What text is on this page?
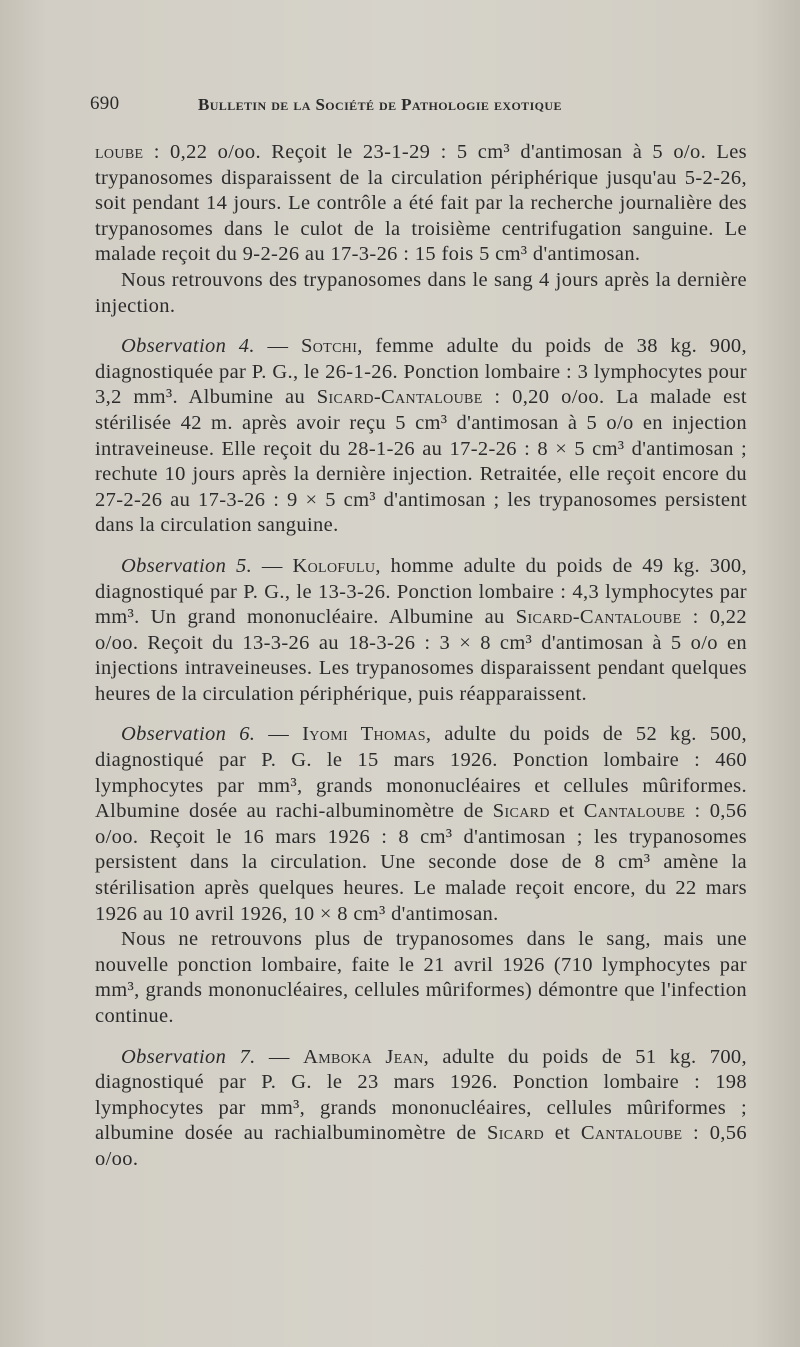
690	Bulletin de la Société de Pathologie exotique

loube : 0,22 o/oo. Reçoit le 23-1-29 : 5 cm³ d'antimosan à 5 o/o. Les trypanosomes disparaissent de la circulation périphérique jusqu'au 5-2-26, soit pendant 14 jours. Le contrôle a été fait par la recherche journalière des trypanosomes dans le culot de la troisième centrifugation sanguine. Le malade reçoit du 9-2-26 au 17-3-26 : 15 fois 5 cm³ d'antimosan.

Nous retrouvons des trypanosomes dans le sang 4 jours après la dernière injection.

Observation 4. — Sotchi, femme adulte du poids de 38 kg. 900, diagnostiquée par P. G., le 26-1-26. Ponction lombaire : 3 lymphocytes pour 3,2 mm³. Albumine au Sicard-Cantaloube : 0,20 o/oo. La malade est stérilisée 42 m. après avoir reçu 5 cm³ d'antimosan à 5 o/o en injection intraveineuse. Elle reçoit du 28-1-26 au 17-2-26 : 8 × 5 cm³ d'antimosan ; rechute 10 jours après la dernière injection. Retraitée, elle reçoit encore du 27-2-26 au 17-3-26 : 9 × 5 cm³ d'antimosan ; les trypanosomes persistent dans la circulation sanguine.

Observation 5. — Kolofulu, homme adulte du poids de 49 kg. 300, diagnostiqué par P. G., le 13-3-26. Ponction lombaire : 4,3 lymphocytes par mm³. Un grand mononucléaire. Albumine au Sicard-Cantaloube : 0,22 o/oo. Reçoit du 13-3-26 au 18-3-26 : 3 × 8 cm³ d'antimosan à 5 o/o en injections intraveineuses. Les trypanosomes disparaissent pendant quelques heures de la circulation périphérique, puis réapparaissent.

Observation 6. — Iyomi Thomas, adulte du poids de 52 kg. 500, diagnostiqué par P. G. le 15 mars 1926. Ponction lombaire : 460 lymphocytes par mm³, grands mononucléaires et cellules mûriformes. Albumine dosée au rachi-albuminomètre de Sicard et Cantaloube : 0,56 o/oo. Reçoit le 16 mars 1926 : 8 cm³ d'antimosan ; les trypanosomes persistent dans la circulation. Une seconde dose de 8 cm³ amène la stérilisation après quelques heures. Le malade reçoit encore, du 22 mars 1926 au 10 avril 1926, 10 × 8 cm³ d'antimosan.

Nous ne retrouvons plus de trypanosomes dans le sang, mais une nouvelle ponction lombaire, faite le 21 avril 1926 (710 lymphocytes par mm³, grands mononucléaires, cellules mûriformes) démontre que l'infection continue.

Observation 7. — Amboka Jean, adulte du poids de 51 kg. 700, diagnostiqué par P. G. le 23 mars 1926. Ponction lombaire : 198 lymphocytes par mm³, grands mononucléaires, cellules mûriformes ; albumine dosée au rachialbuminomètre de Sicard et Cantaloube : 0,56 o/oo.
